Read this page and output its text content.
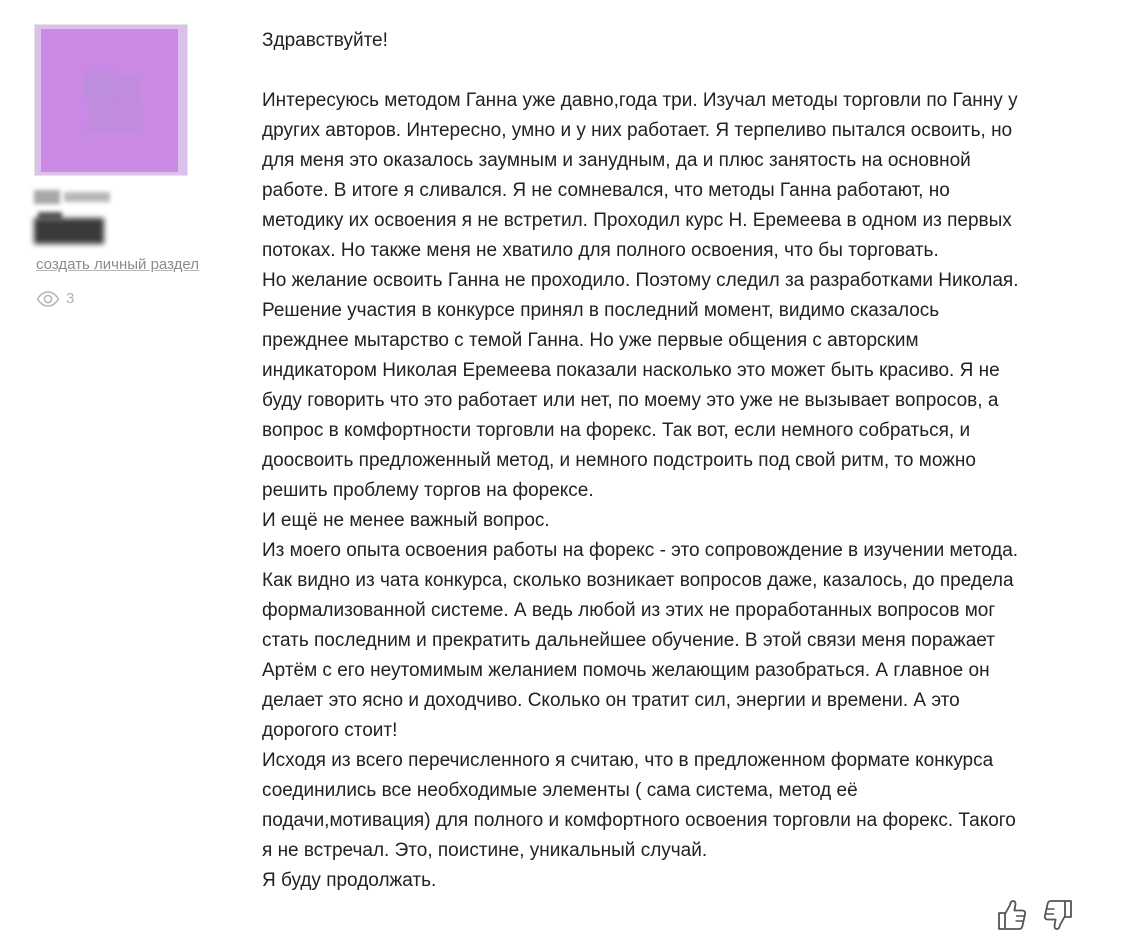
создать личный раздел
3

Здравствуйте!

Интересуюсь методом Ганна уже давно,года три. Изучал методы торговли по Ганну у

других авторов. Интересно, умно и у них работает. Я терпеливо пытался освоить, но

для меня это оказалось заумным и занудным, да и плюс занятость на основной

работе. В итоге я сливался. Я не сомневался, что методы Ганна работают, но

методику их освоения я не встретил. Проходил курс Н. Еремеева в одном из первых

потоках. Но также меня не хватило для полного освоения, что бы торговать.

Но желание освоить Ганна не проходило. Поэтому следил за разработками Николая.

Решение участия в конкурсе принял в последний момент, видимо сказалось

прежднее мытарство с темой Ганна. Но уже первые общения с авторским

индикатором Николая Еремеева показали насколько это может быть красиво. Я не

буду говорить что это работает или нет, по моему это уже не вызывает вопросов, а

вопрос в комфортности торговли на форекс. Так вот, если немного собраться, и

доосвоить предложенный метод, и немного подстроить под свой ритм, то можно

решить проблему торгов на форексе.

И ещё не менее важный вопрос.

Из моего опыта освоения работы на форекс - это сопровождение в изучении метода.

Как видно из чата конкурса, сколько возникает вопросов даже, казалось, до предела

формализованной системе. А ведь любой из этих не проработанных вопросов мог

стать последним и прекратить дальнейшее обучение. В этой связи меня поражает

Артём с его неутомимым желанием помочь желающим разобраться. А главное он

делает это ясно и доходчиво. Сколько он тратит сил, энергии и времени. А это

дорогого стоит!

Исходя из всего перечисленного я считаю, что в предложенном формате конкурса

соединились все необходимые элементы ( сама система, метод её

подачи,мотивация) для полного и комфортного освоения торговли на форекс. Такого

я не встречал. Это, поистине, уникальный случай.

Я буду продолжать.
